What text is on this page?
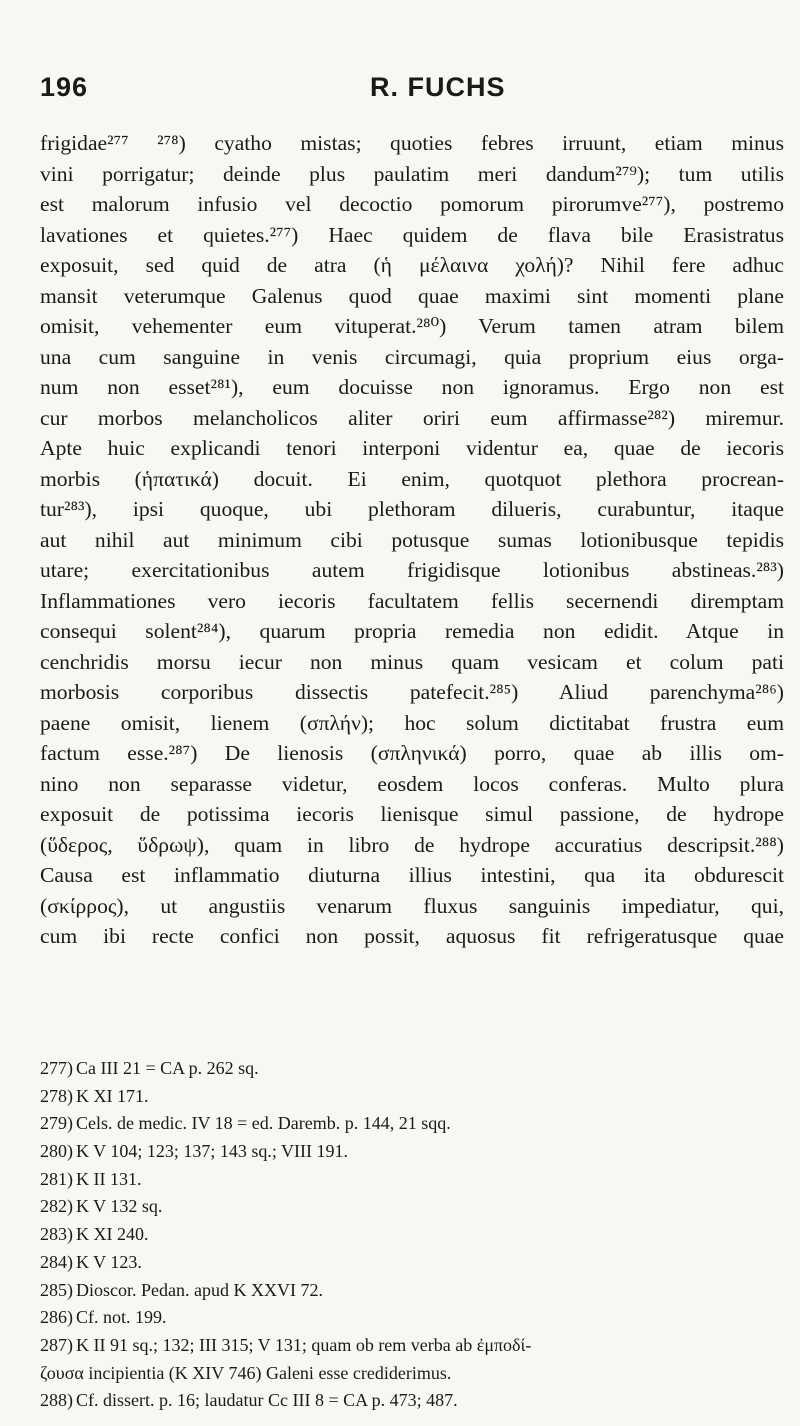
196	R. FUCHS
frigidae²⁷⁷ ²⁷⁸) cyatho mistas; quoties febres irruunt, etiam minus
vini porrigatur; deinde plus paulatim meri dandum²⁷⁹); tum utilis
est malorum infusio vel decoctio pomorum pirorumve²⁷⁷), postremo
lavationes et quietes.²⁷⁷) Haec quidem de flava bile Erasistratus
exposuit, sed quid de atra (ἡ μέλαινα χολή)? Nihil fere adhuc
mansit veterumque Galenus quod quae maximi sint momenti plane
omisit, vehementer eum vituperat.²⁸⁰) Verum tamen atram bilem
una cum sanguine in venis circumagi, quia proprium eius orga-
num non esset²⁸¹), eum docuisse non ignoramus. Ergo non est
cur morbos melancholicos aliter oriri eum affirmasse²⁸²) miremur.
Apte huic explicandi tenori interponi videntur ea, quae de iecoris
morbis (ἡπατικά) docuit. Ei enim, quotquot plethora procrean-
tur²⁸³), ipsi quoque, ubi plethoram dilueris, curabuntur, itaque
aut nihil aut minimum cibi potusque sumas lotionibusque tepidis
utare; exercitationibus autem frigidisque lotionibus abstineas.²⁸³)
Inflammationes vero iecoris facultatem fellis secernendi diremptam
consequi solent²⁸⁴), quarum propria remedia non edidit. Atque in
cenchridis morsu iecur non minus quam vesicam et colum pati
morbosis corporibus dissectis patefecit.²⁸⁵) Aliud parenchyma²⁸⁶)
paene omisit, lienem (σπλήν); hoc solum dictitabat frustra eum
factum esse.²⁸⁷) De lienosis (σπληνικά) porro, quae ab illis om-
nino non separasse videtur, eosdem locos conferas. Multo plura
exposuit de potissima iecoris lienisque simul passione, de hydrope
(ὕδερος, ὕδρωψ), quam in libro de hydrope accuratius descripsit.²⁸⁸)
Causa est inflammatio diuturna illius intestini, qua ita obdurescit
(σκίρρος), ut angustiis venarum fluxus sanguinis impediatur, qui,
cum ibi recte confici non possit, aquosus fit refrigeratusque quae
277) Ca III 21 = CA p. 262 sq.
278) K XI 171.
279) Cels. de medic. IV 18 = ed. Daremb. p. 144, 21 sqq.
280) K V 104; 123; 137; 143 sq.; VIII 191.
281) K II 131.
282) K V 132 sq.
283) K XI 240.
284) K V 123.
285) Dioscor. Pedan. apud K XXVI 72.
286) Cf. not. 199.
287) K II 91 sq.; 132; III 315; V 131; quam ob rem verba ab ἐμποδί-
ζουσα incipientia (K XIV 746) Galeni esse crediderimus.
288) Cf. dissert. p. 16; laudatur Cc III 8 = CA p. 473; 487.
